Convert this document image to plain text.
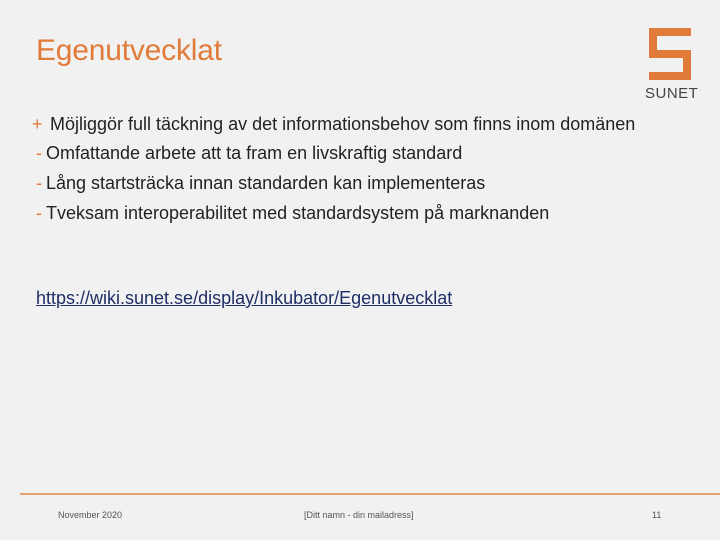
Egenutvecklat
SUNET
+ Möjliggör full täckning av det informationsbehov som finns inom domänen
- Omfattande arbete att ta fram en livskraftig standard
- Lång startsträcka innan standarden kan implementeras
- Tveksam interoperabilitet med standardsystem på marknanden
https://wiki.sunet.se/display/Inkubator/Egenutvecklat
November 2020	[Ditt namn - din mailadress]	11
